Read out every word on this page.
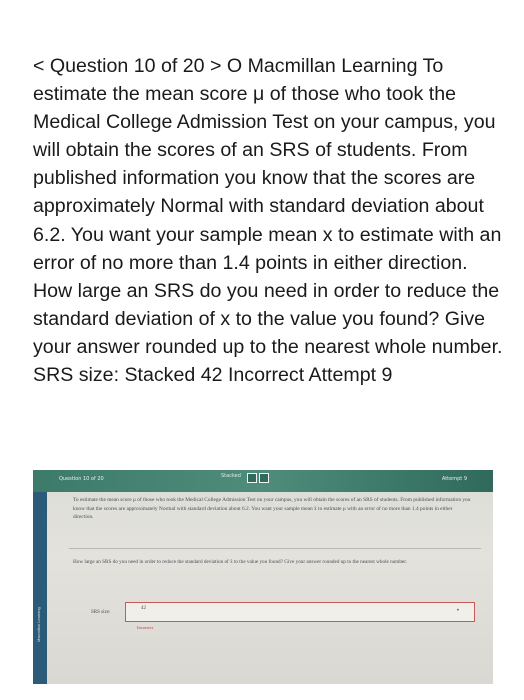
< Question 10 of 20 > O Macmillan Learning To estimate the mean score μ of those who took the Medical College Admission Test on your campus, you will obtain the scores of an SRS of students. From published information you know that the scores are approximately Normal with standard deviation about 6.2. You want your sample mean x to estimate with an error of no more than 1.4 points in either direction. How large an SRS do you need in order to reduce the standard deviation of x to the value you found? Give your answer rounded up to the nearest whole number. SRS size: Stacked 42 Incorrect Attempt 9

Question 10 of 20	Stacked	Attempt 9
Macmillan Learning

To estimate the mean score μ of those who took the Medical College Admission Test on your campus, you will obtain the scores of an SRS of students. From published information you know that the scores are approximately Normal with standard deviation about 6.2. You want your sample mean x̄ to estimate μ with an error of no more than 1.4 points in either direction.

How large an SRS do you need in order to reduce the standard deviation of x̄ to the value you found? Give your answer rounded up to the nearest whole number.

SRS size:
42	•
Incorrect
